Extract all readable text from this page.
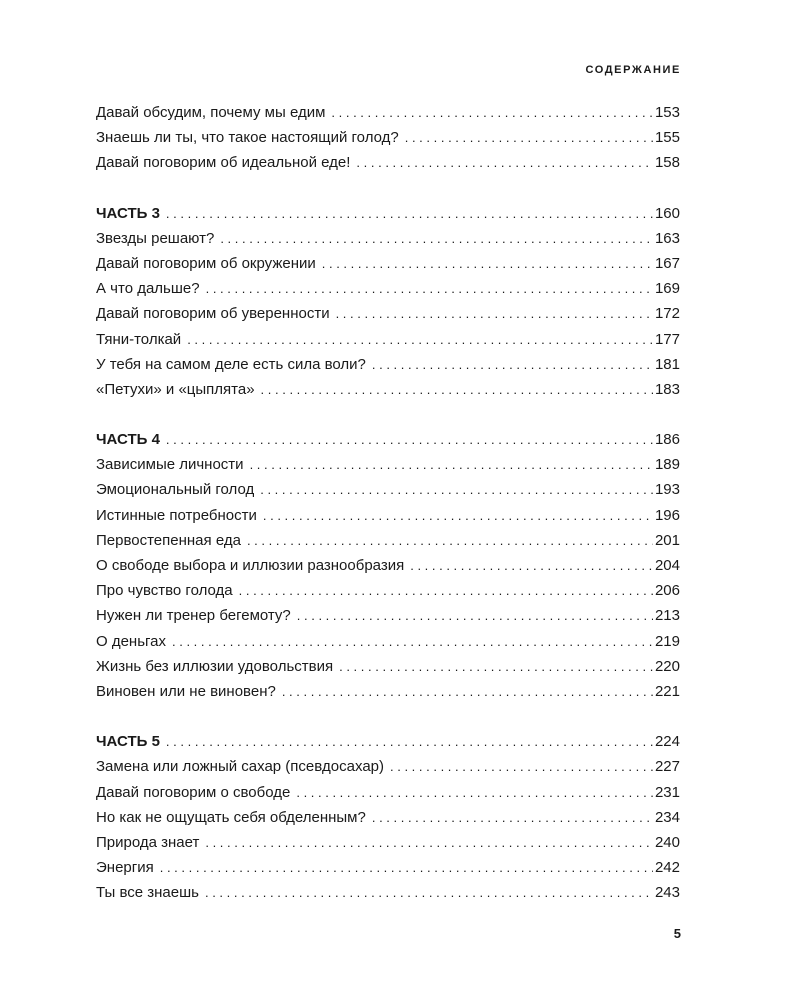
СОДЕРЖАНИЕ
Давай обсудим, почему мы едим . . .	153
Знаешь ли ты, что такое настоящий голод? . . .	155
Давай поговорим об идеальной еде! . . .	158
ЧАСТЬ 3 . . .	160
Звезды решают? . . .	163
Давай поговорим об окружении . . .	167
А что дальше? . . .	169
Давай поговорим об уверенности . . .	172
Тяни-толкай . . .	177
У тебя на самом деле есть сила воли? . . .	181
«Петухи» и «цыплята» . . .	183
ЧАСТЬ 4 . . .	186
Зависимые личности . . .	189
Эмоциональный голод . . .	193
Истинные потребности . . .	196
Первостепенная еда . . .	201
О свободе выбора и иллюзии разнообразия . . .	204
Про чувство голода . . .	206
Нужен ли тренер бегемоту? . . .	213
О деньгах . . .	219
Жизнь без иллюзии удовольствия . . .	220
Виновен или не виновен? . . .	221
ЧАСТЬ 5 . . .	224
Замена или ложный сахар (псевдосахар) . . .	227
Давай поговорим о свободе . . .	231
Но как не ощущать себя обделенным? . . .	234
Природа знает . . .	240
Энергия . . .	242
Ты все знаешь . . .	243
5
